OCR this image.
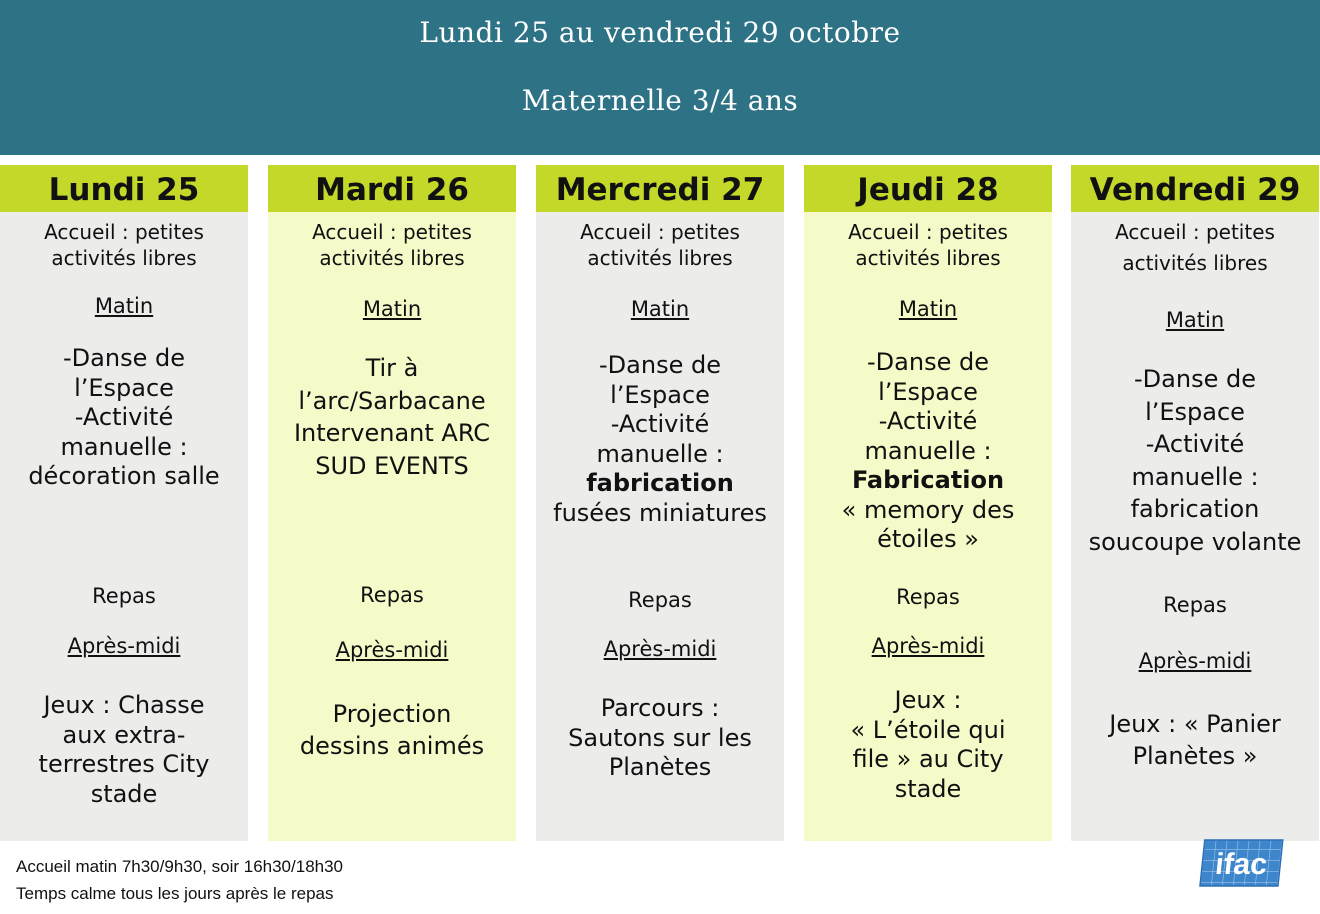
Lundi 25 au vendredi 29 octobre
Maternelle 3/4 ans
Lundi 25
Accueil : petites
activités libres
Matin
-Danse de
l’Espace
-Activité
manuelle :
décoration salle
Repas
Après-midi
Jeux : Chasse
aux extra-
terrestres City
stade
Mardi 26
Accueil : petites
activités libres
Matin
Tir à
l’arc/Sarbacane
Intervenant ARC
SUD EVENTS
Repas
Après-midi
Projection
dessins animés
Mercredi 27
Accueil : petites
activités libres
Matin
-Danse de
l’Espace
-Activité
manuelle :
fabrication
fusées miniatures
Repas
Après-midi
Parcours :
Sautons sur les
Planètes
Jeudi 28
Accueil : petites
activités libres
Matin
-Danse de
l’Espace
-Activité
manuelle :
Fabrication
« memory des
étoiles »
Repas
Après-midi
Jeux :
« L’étoile qui
file » au City
stade
Vendredi 29
Accueil : petites
activités libres
Matin
-Danse de
l’Espace
-Activité
manuelle :
fabrication
soucoupe volante
Repas
Après-midi
Jeux : « Panier
Planètes »
Accueil matin 7h30/9h30, soir 16h30/18h30
Temps calme tous les jours après le repas
ifac
